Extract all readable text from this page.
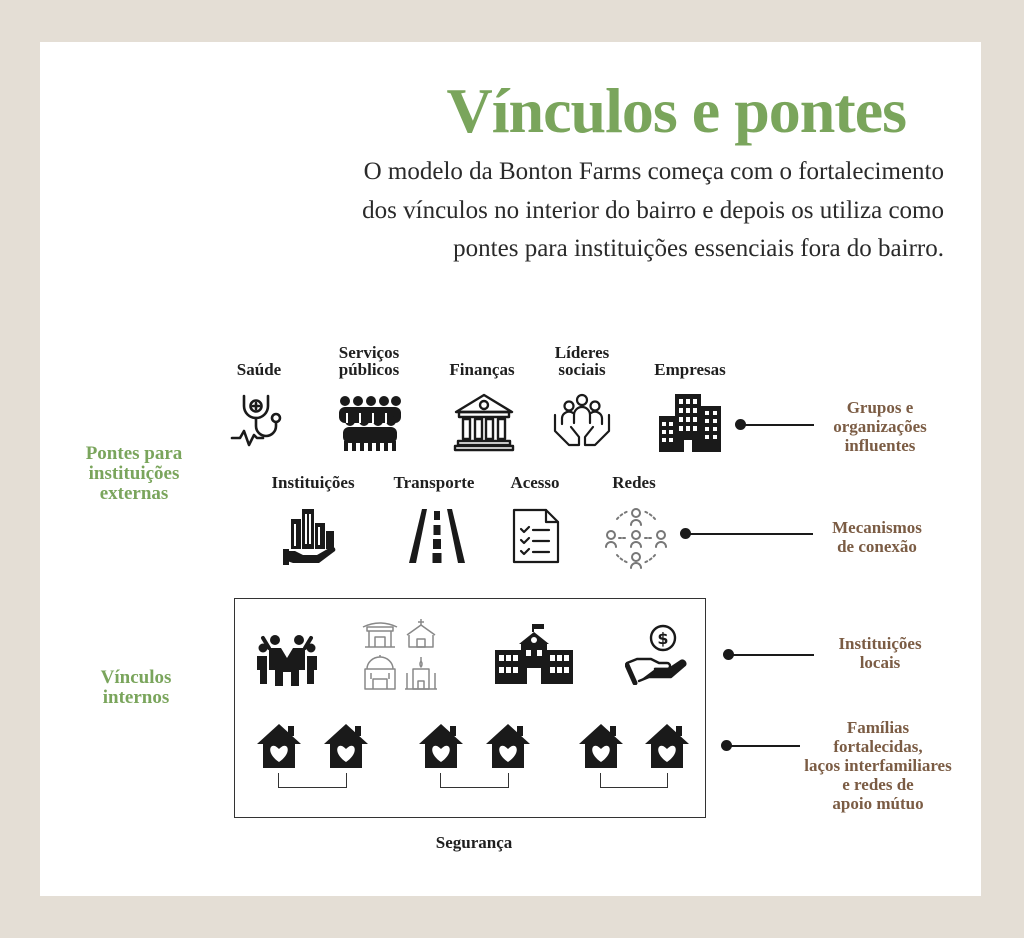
Vínculos e pontes
O modelo da Bonton Farms começa com o fortalecimento
dos vínculos no interior do bairro e depois os utiliza como
pontes para instituições essenciais fora do bairro.
Pontes para
instituições
externas
Vínculos
internos
Saúde
Serviços
públicos	Finanças
Líderes
sociais	Empresas
Grupos e
organizações
influentes
Instituições	Transporte	Acesso	Redes
Mecanismos
de conexão
$	Instituições
locais
Famílias
fortalecidas,
laços interfamiliares
e redes de
apoio mútuo
Segurança
